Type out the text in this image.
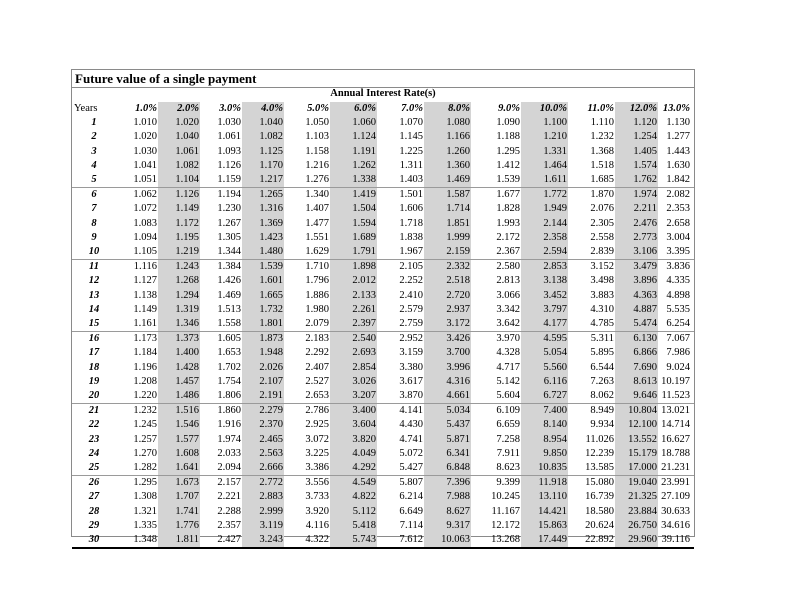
Future value of a single payment
Annual Interest Rate(s)
Years	1.0%	2.0%	3.0%	4.0%	5.0%	6.0%	7.0%	8.0%	9.0%	10.0%	11.0%	12.0%	13.0%
1	1.010	1.020	1.030	1.040	1.050	1.060	1.070	1.080	1.090	1.100	1.110	1.120	1.130
2	1.020	1.040	1.061	1.082	1.103	1.124	1.145	1.166	1.188	1.210	1.232	1.254	1.277
3	1.030	1.061	1.093	1.125	1.158	1.191	1.225	1.260	1.295	1.331	1.368	1.405	1.443
4	1.041	1.082	1.126	1.170	1.216	1.262	1.311	1.360	1.412	1.464	1.518	1.574	1.630
5	1.051	1.104	1.159	1.217	1.276	1.338	1.403	1.469	1.539	1.611	1.685	1.762	1.842
6	1.062	1.126	1.194	1.265	1.340	1.419	1.501	1.587	1.677	1.772	1.870	1.974	2.082
7	1.072	1.149	1.230	1.316	1.407	1.504	1.606	1.714	1.828	1.949	2.076	2.211	2.353
8	1.083	1.172	1.267	1.369	1.477	1.594	1.718	1.851	1.993	2.144	2.305	2.476	2.658
9	1.094	1.195	1.305	1.423	1.551	1.689	1.838	1.999	2.172	2.358	2.558	2.773	3.004
10	1.105	1.219	1.344	1.480	1.629	1.791	1.967	2.159	2.367	2.594	2.839	3.106	3.395
11	1.116	1.243	1.384	1.539	1.710	1.898	2.105	2.332	2.580	2.853	3.152	3.479	3.836
12	1.127	1.268	1.426	1.601	1.796	2.012	2.252	2.518	2.813	3.138	3.498	3.896	4.335
13	1.138	1.294	1.469	1.665	1.886	2.133	2.410	2.720	3.066	3.452	3.883	4.363	4.898
14	1.149	1.319	1.513	1.732	1.980	2.261	2.579	2.937	3.342	3.797	4.310	4.887	5.535
15	1.161	1.346	1.558	1.801	2.079	2.397	2.759	3.172	3.642	4.177	4.785	5.474	6.254
16	1.173	1.373	1.605	1.873	2.183	2.540	2.952	3.426	3.970	4.595	5.311	6.130	7.067
17	1.184	1.400	1.653	1.948	2.292	2.693	3.159	3.700	4.328	5.054	5.895	6.866	7.986
18	1.196	1.428	1.702	2.026	2.407	2.854	3.380	3.996	4.717	5.560	6.544	7.690	9.024
19	1.208	1.457	1.754	2.107	2.527	3.026	3.617	4.316	5.142	6.116	7.263	8.613	10.197
20	1.220	1.486	1.806	2.191	2.653	3.207	3.870	4.661	5.604	6.727	8.062	9.646	11.523
21	1.232	1.516	1.860	2.279	2.786	3.400	4.141	5.034	6.109	7.400	8.949	10.804	13.021
22	1.245	1.546	1.916	2.370	2.925	3.604	4.430	5.437	6.659	8.140	9.934	12.100	14.714
23	1.257	1.577	1.974	2.465	3.072	3.820	4.741	5.871	7.258	8.954	11.026	13.552	16.627
24	1.270	1.608	2.033	2.563	3.225	4.049	5.072	6.341	7.911	9.850	12.239	15.179	18.788
25	1.282	1.641	2.094	2.666	3.386	4.292	5.427	6.848	8.623	10.835	13.585	17.000	21.231
26	1.295	1.673	2.157	2.772	3.556	4.549	5.807	7.396	9.399	11.918	15.080	19.040	23.991
27	1.308	1.707	2.221	2.883	3.733	4.822	6.214	7.988	10.245	13.110	16.739	21.325	27.109
28	1.321	1.741	2.288	2.999	3.920	5.112	6.649	8.627	11.167	14.421	18.580	23.884	30.633
29	1.335	1.776	2.357	3.119	4.116	5.418	7.114	9.317	12.172	15.863	20.624	26.750	34.616
30	1.348	1.811	2.427	3.243	4.322	5.743	7.612	10.063	13.268	17.449	22.892	29.960	39.116
